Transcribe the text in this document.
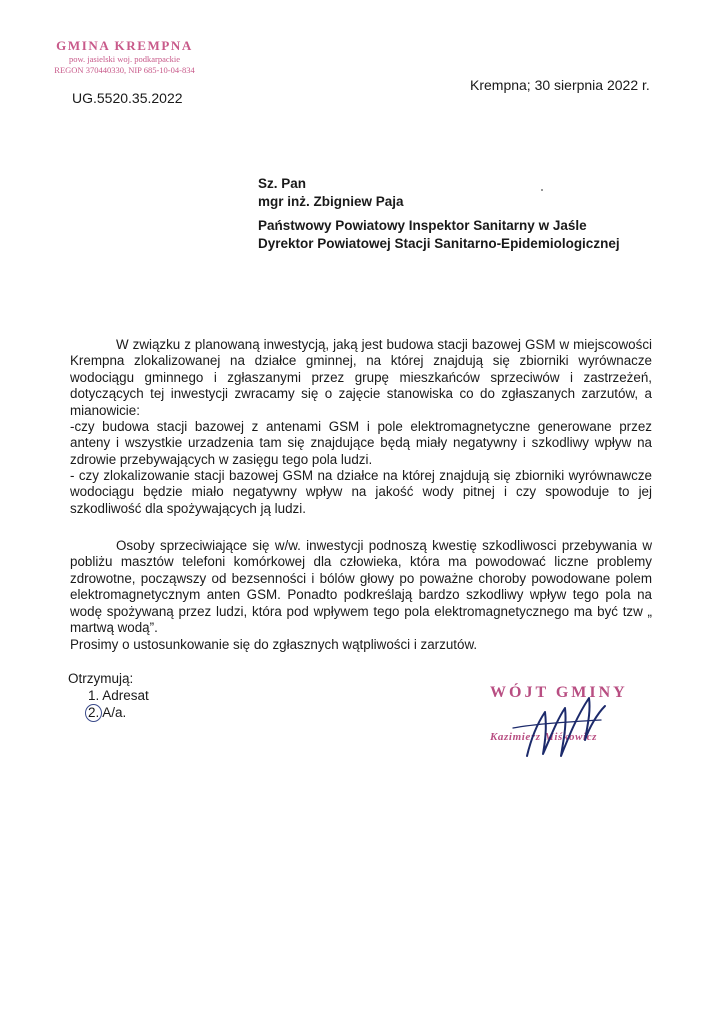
GMINA KREMPNA
pow. jasielski woj. podkarpackie
REGON 370440330, NIP 685-10-04-834
UG.5520.35.2022
Krempna; 30 sierpnia 2022 r.
Sz. Pan
mgr inż. Zbigniew Paja
Państwowy Powiatowy Inspektor Sanitarny w Jaśle
Dyrektor Powiatowej Stacji Sanitarno-Epidemiologicznej

W związku z planowaną inwestycją, jaką jest budowa stacji bazowej GSM w miejscowości Krempna zlokalizowanej na działce gminnej, na której znajdują się zbiorniki wyrównacze wodociągu gminnego i zgłaszanymi przez grupę mieszkańców sprzeciwów i zastrzeżeń, dotyczących tej inwestycji zwracamy się o zajęcie stanowiska co do zgłaszanych zarzutów, a mianowicie:

-czy budowa stacji bazowej z antenami GSM i pole elektromagnetyczne generowane przez anteny i wszystkie urzadzenia tam się znajdujące będą miały negatywny i szkodliwy wpływ na zdrowie przebywających w zasięgu tego pola ludzi.

- czy zlokalizowanie stacji bazowej GSM na działce na której znajdują się zbiorniki wyrównawcze wodociągu będzie miało negatywny wpływ na jakość wody pitnej i czy spowoduje to jej szkodliwość dla spożywających ją ludzi.

Osoby sprzeciwiające się w/w. inwestycji podnoszą kwestię szkodliwosci przebywania w pobliżu masztów telefoni komórkowej dla człowieka, która ma powodować liczne problemy zdrowotne, począwszy od bezsenności i bólów głowy po poważne choroby powodowane polem elektromagnetycznym anten GSM. Ponadto podkreślają bardzo szkodliwy wpływ tego pola na wodę spożywaną przez ludzi, która pod wpływem tego pola elektromagnetycznego ma być tzw „ martwą wodą”.

Prosimy o ustosunkowanie się do zgłasznych wątpliwości i zarzutów.

Otrzymują:
1. Adresat
2. A/a.
WÓJT GMINY
Kazimierz Miśkowicz
